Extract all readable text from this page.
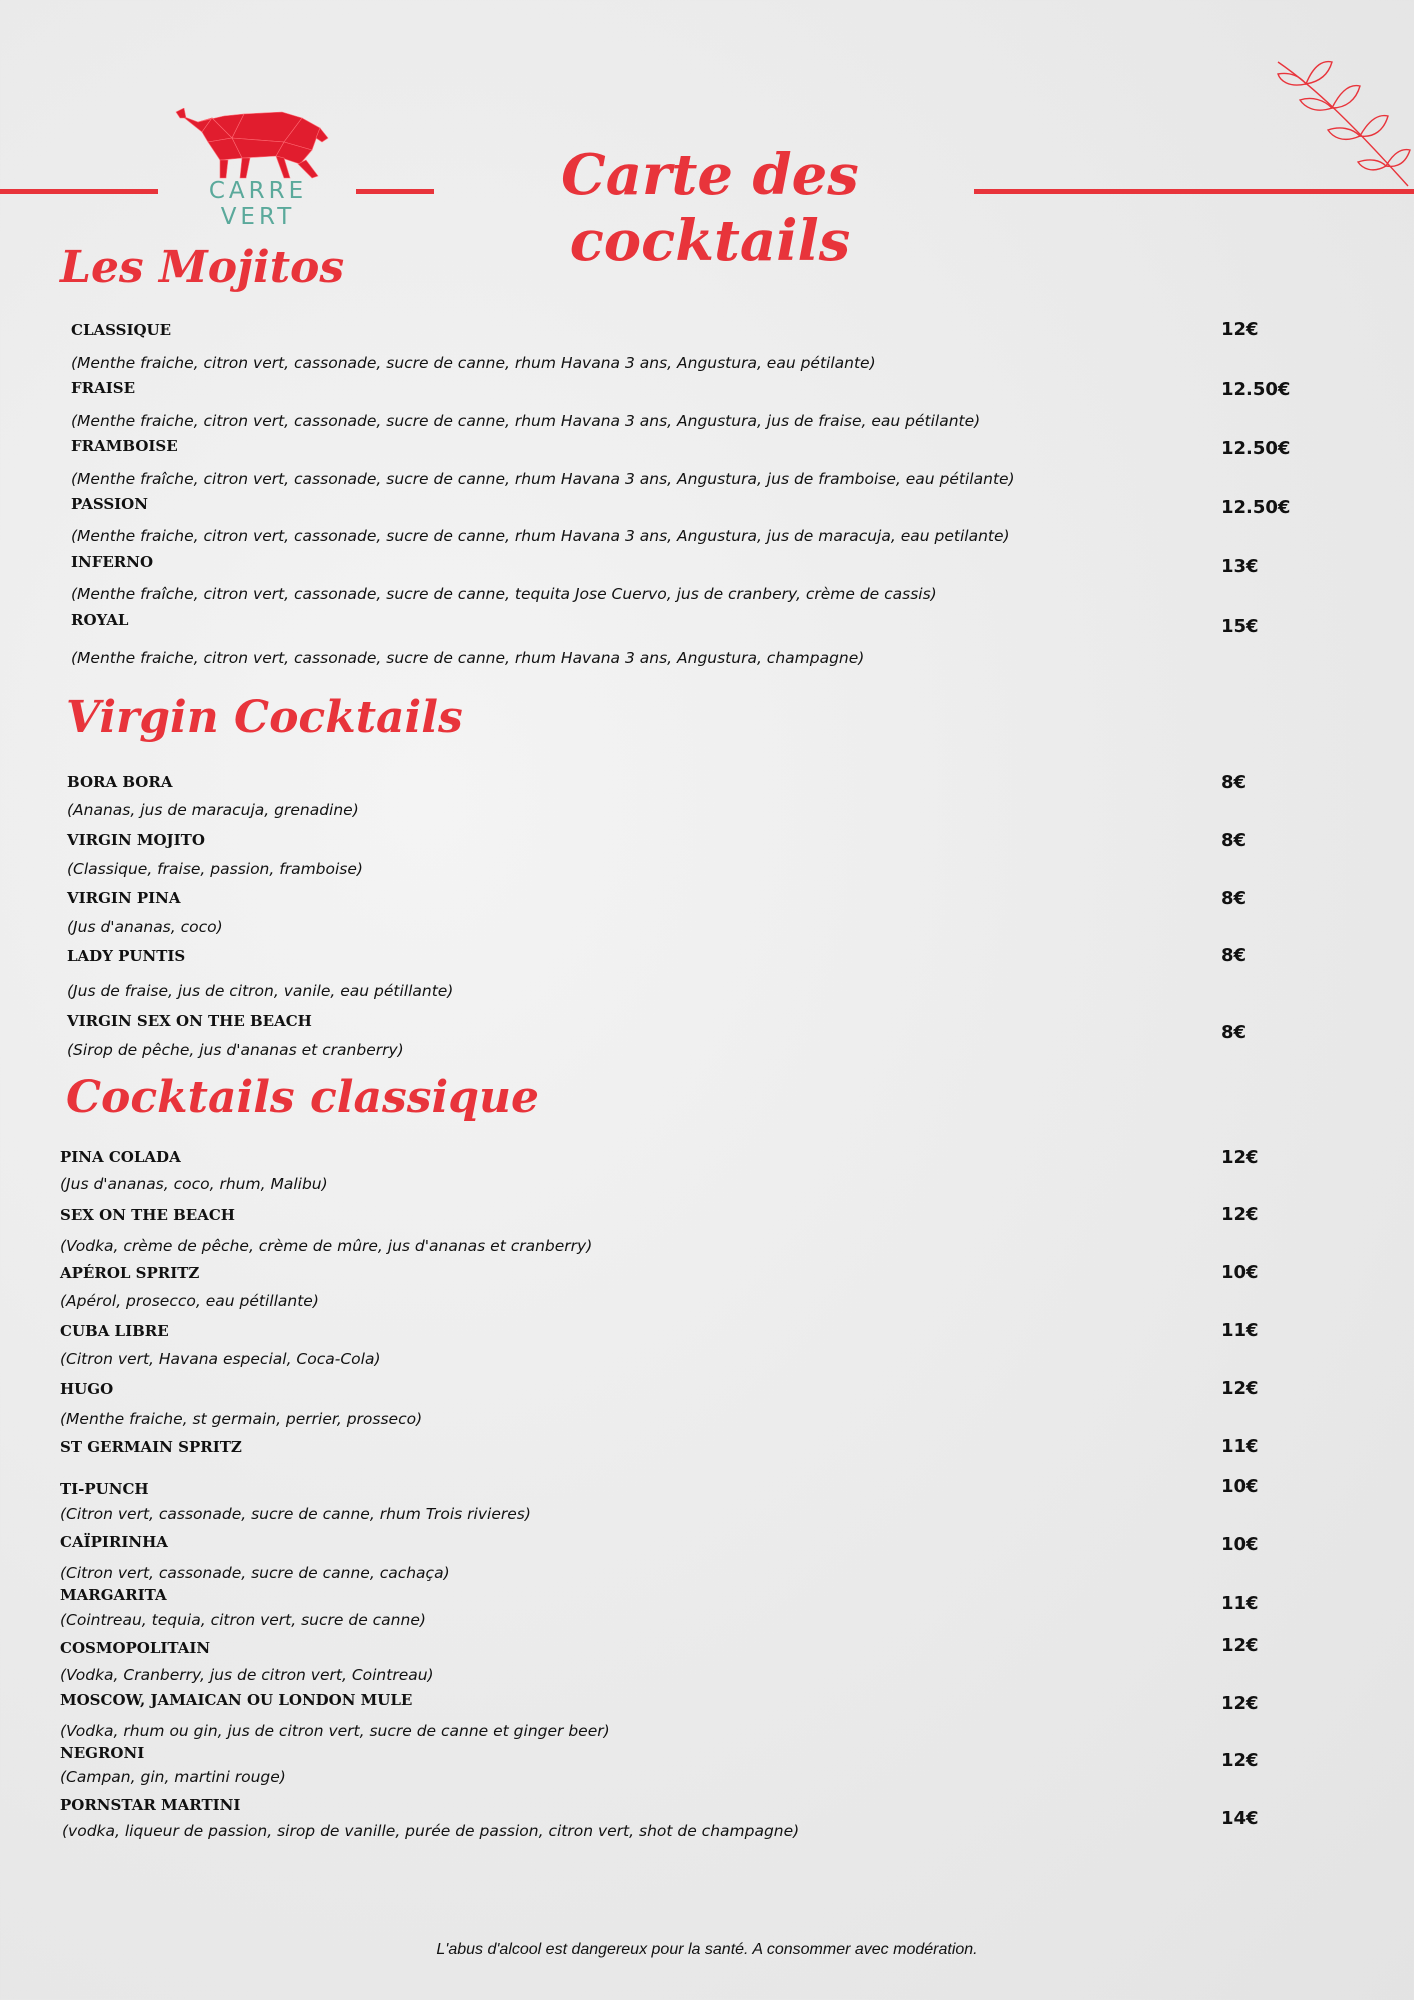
CARRE VERT
Carte des cocktails
Les Mojitos
CLASSIQUE
(Menthe fraiche, citron vert, cassonade, sucre de canne, rhum Havana 3 ans, Angustura, eau pétilante)
12€
FRAISE
(Menthe fraiche, citron vert, cassonade, sucre de canne, rhum Havana 3 ans, Angustura, jus de fraise, eau pétilante)
12.50€
FRAMBOISE
(Menthe fraîche, citron vert, cassonade, sucre de canne, rhum Havana 3 ans, Angustura, jus de framboise, eau pétilante)
12.50€
PASSION
(Menthe fraiche, citron vert, cassonade, sucre de canne, rhum Havana 3 ans, Angustura, jus de maracuja, eau petilante)
12.50€
INFERNO
(Menthe fraîche, citron vert, cassonade, sucre de canne, tequita Jose Cuervo, jus de cranbery, crème de cassis)
13€
ROYAL
(Menthe fraiche, citron vert, cassonade, sucre de canne, rhum Havana 3 ans, Angustura, champagne)
15€
Virgin Cocktails
BORA BORA
(Ananas, jus de maracuja, grenadine)
8€
VIRGIN MOJITO
(Classique, fraise, passion, framboise)
8€
VIRGIN PINA
(Jus d'ananas, coco)
8€
LADY PUNTIS
(Jus de fraise, jus de citron, vanile, eau pétillante)
8€
VIRGIN SEX ON THE BEACH
(Sirop de pêche, jus d'ananas et cranberry)
8€
Cocktails classique
PINA COLADA
(Jus d'ananas, coco, rhum, Malibu)
12€
SEX ON THE BEACH
(Vodka, crème de pêche, crème de mûre, jus d'ananas et cranberry)
12€
APÉROL SPRITZ
(Apérol, prosecco, eau pétillante)
10€
CUBA LIBRE
(Citron vert, Havana especial, Coca-Cola)
11€
HUGO
(Menthe fraiche, st germain, perrier, prosseco)
12€
ST GERMAIN SPRITZ	11€
TI-PUNCH
(Citron vert, cassonade, sucre de canne, rhum Trois rivieres)
10€
CAÏPIRINHA
(Citron vert, cassonade, sucre de canne, cachaça)
10€
MARGARITA
(Cointreau, tequia, citron vert, sucre de canne)
11€
COSMOPOLITAIN
(Vodka, Cranberry, jus de citron vert, Cointreau)
12€
MOSCOW, JAMAICAN OU LONDON MULE
(Vodka, rhum ou gin, jus de citron vert, sucre de canne et ginger beer)
12€
NEGRONI
(Campan, gin, martini rouge)
12€
PORNSTAR MARTINI
(vodka, liqueur de passion, sirop de vanille, purée de passion, citron vert, shot de champagne)
14€
L'abus d'alcool est dangereux pour la santé. A consommer avec modération.
